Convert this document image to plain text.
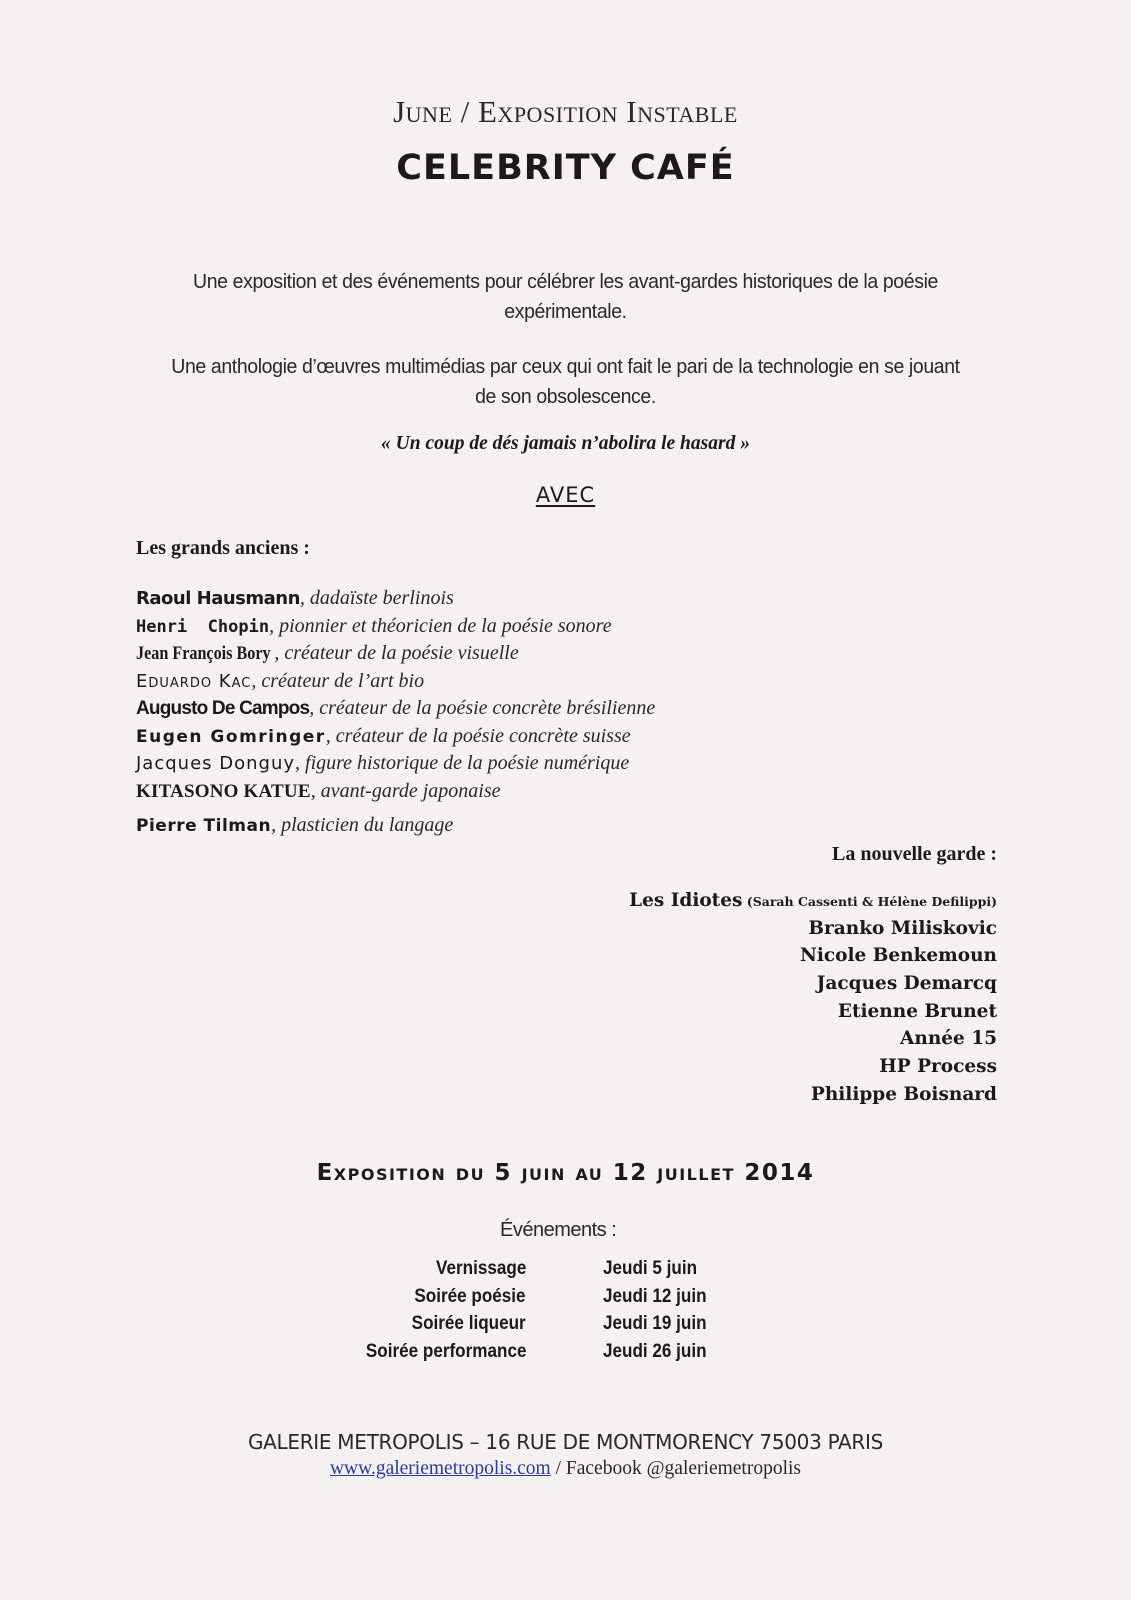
June / Exposition Instable
CELEBRITY CAFÉ
Une exposition et des événements pour célébrer les avant-gardes historiques de la poésie expérimentale.
Une anthologie d’œuvres multimédias par ceux qui ont fait le pari de la technologie en se jouant de son obsolescence.
« Un coup de dés jamais n’abolira le hasard »
AVEC
Les grands anciens :
Raoul Hausmann, dadaïste berlinois
Henri  Chopin, pionnier et théoricien de la poésie sonore
Jean François Bory , créateur de la poésie visuelle
Eduardo Kac, créateur de l’art bio
Augusto De Campos, créateur de la poésie concrète brésilienne
Eugen Gomringer, créateur de la poésie concrète suisse
Jacques Donguy, figure historique de la poésie numérique
KITASONO KATUE, avant-garde japonaise
Pierre Tilman, plasticien du langage
La nouvelle garde :
Les Idiotes (Sarah Cassenti & Hélène Defilippi)
Branko Miliskovic
Nicole Benkemoun
Jacques Demarcq
Etienne Brunet
Année 15
HP Process
Philippe Boisnard
Exposition du 5 juin au 12 juillet 2014
Événements :
Vernissage	Jeudi 5 juin
Soirée poésie	Jeudi 12 juin
Soirée liqueur	Jeudi 19 juin
Soirée performance	Jeudi 26 juin
GALERIE METROPOLIS – 16 RUE DE MONTMORENCY 75003 PARIS
www.galeriemetropolis.com / Facebook @galeriemetropolis
